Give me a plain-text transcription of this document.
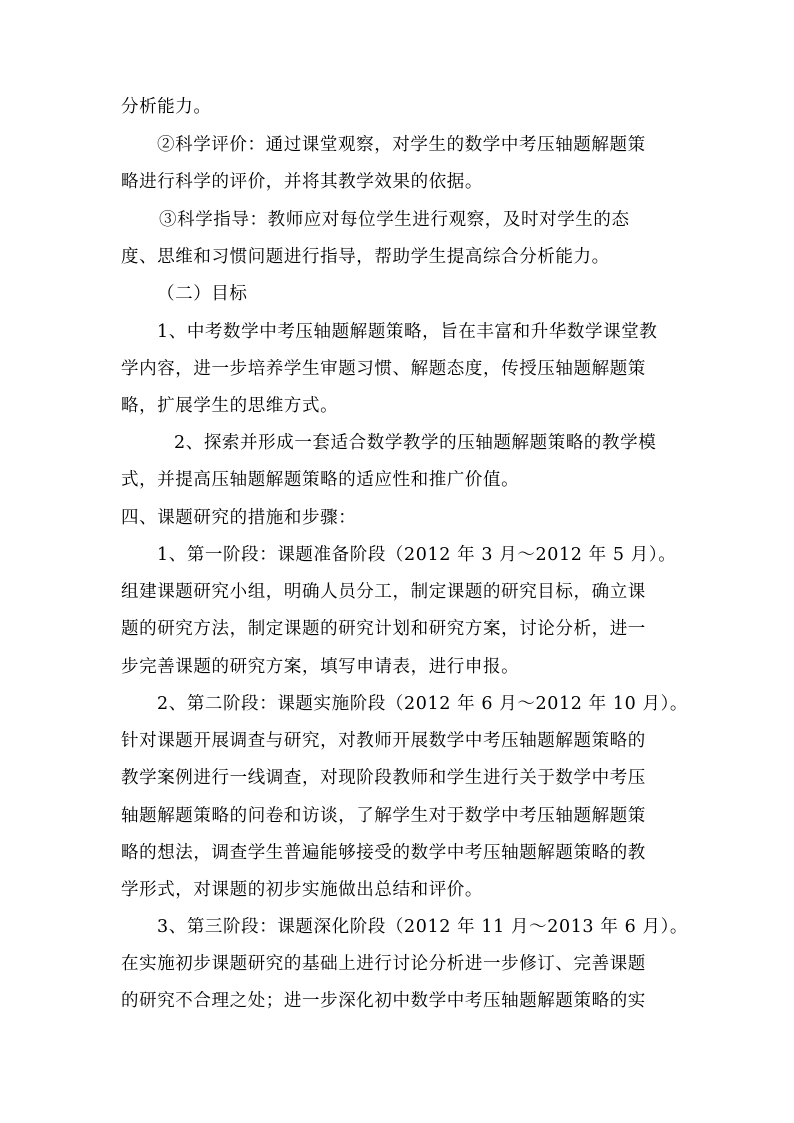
分析能力。
②科学评价：通过课堂观察，对学生的数学中考压轴题解题策
略进行科学的评价，并将其教学效果的依据。
③科学指导：教师应对每位学生进行观察，及时对学生的态
度、思维和习惯问题进行指导，帮助学生提高综合分析能力。
（二）目标
1、中考数学中考压轴题解题策略，旨在丰富和升华数学课堂教
学内容，进一步培养学生审题习惯、解题态度，传授压轴题解题策
略，扩展学生的思维方式。
2、探索并形成一套适合数学教学的压轴题解题策略的教学模
式，并提高压轴题解题策略的适应性和推广价值。
四、课题研究的措施和步骤：
1、第一阶段：课题准备阶段（2012 年 3 月～2012 年 5 月）。
组建课题研究小组，明确人员分工，制定课题的研究目标，确立课
题的研究方法，制定课题的研究计划和研究方案，讨论分析，进一
步完善课题的研究方案，填写申请表，进行申报。
2、第二阶段：课题实施阶段（2012 年 6 月～2012 年 10 月）。
针对课题开展调查与研究，对教师开展数学中考压轴题解题策略的
教学案例进行一线调查，对现阶段教师和学生进行关于数学中考压
轴题解题策略的问卷和访谈，了解学生对于数学中考压轴题解题策
略的想法，调查学生普遍能够接受的数学中考压轴题解题策略的教
学形式，对课题的初步实施做出总结和评价。
3、第三阶段：课题深化阶段（2012 年 11 月～2013 年 6 月）。
在实施初步课题研究的基础上进行讨论分析进一步修订、完善课题
的研究不合理之处；进一步深化初中数学中考压轴题解题策略的实
